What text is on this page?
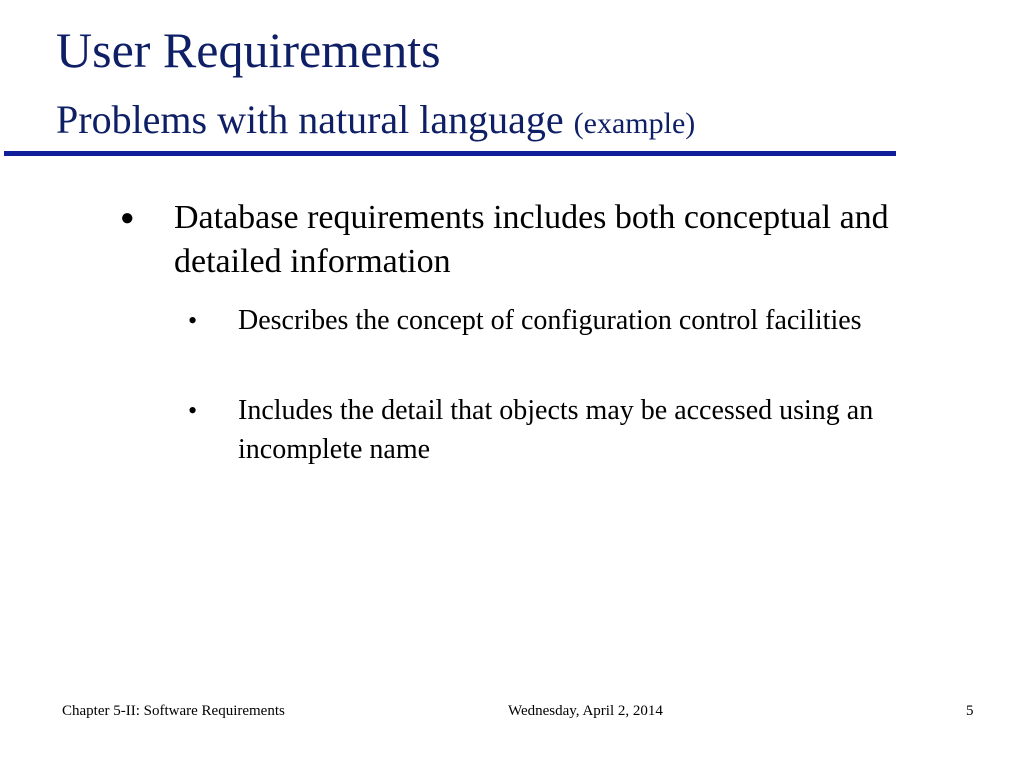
User Requirements
Problems with natural language (example)
● Database requirements includes both conceptual and detailed information
• Describes the concept of configuration control facilities
• Includes the detail that objects may be accessed using an incomplete name
Chapter 5-II: Software Requirements	Wednesday, April 2, 2014	5
